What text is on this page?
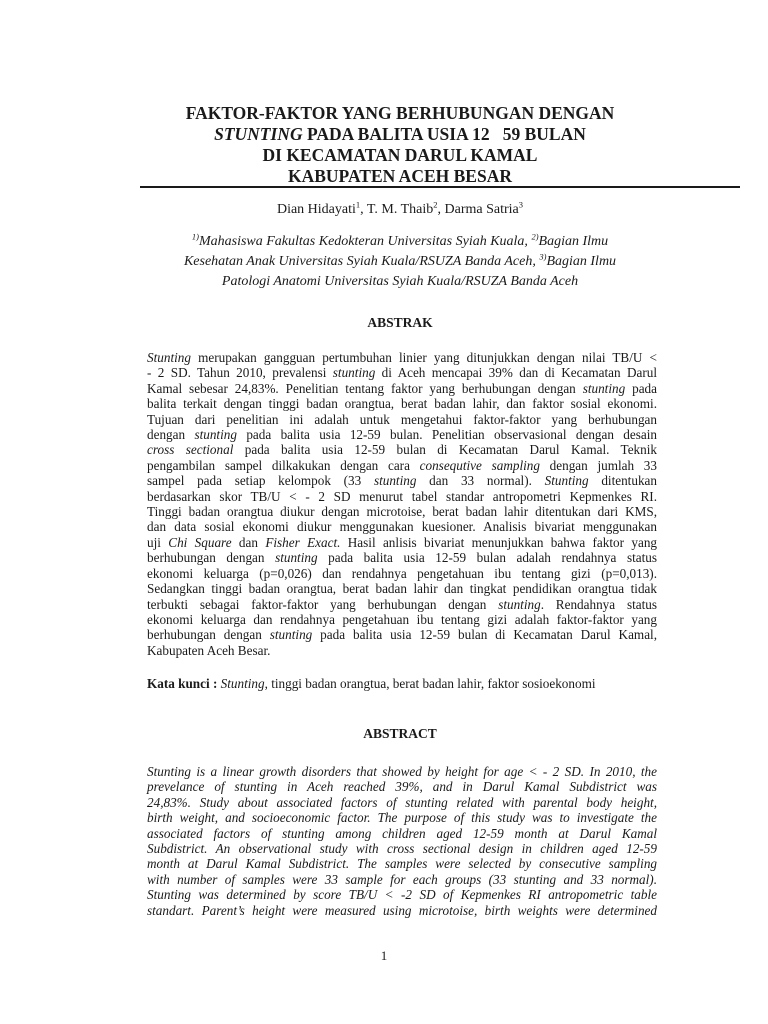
FAKTOR-FAKTOR YANG BERHUBUNGAN DENGAN
STUNTING PADA BALITA USIA 12   59 BULAN
DI KECAMATAN DARUL KAMAL
KABUPATEN ACEH BESAR
Dian Hidayati$^1$, T. M. Thaib$^2$, Darma Satria$^3$
$^{1)}$Mahasiswa Fakultas Kedokteran Universitas Syiah Kuala, $^{2)}$Bagian Ilmu
Kesehatan Anak Universitas Syiah Kuala/RSUZA Banda Aceh, $^{3)}$Bagian Ilmu
Patologi Anatomi Universitas Syiah Kuala/RSUZA Banda Aceh
ABSTRAK
Stunting merupakan gangguan pertumbuhan linier yang ditunjukkan dengan nilai TB/U <
- 2 SD. Tahun 2010, prevalensi stunting di Aceh mencapai 39% dan di Kecamatan Darul
Kamal sebesar 24,83%. Penelitian tentang faktor yang berhubungan dengan stunting pada
balita terkait dengan tinggi badan orangtua, berat badan lahir, dan faktor sosial ekonomi.
Tujuan dari penelitian ini adalah untuk mengetahui faktor-faktor yang berhubungan
dengan stunting pada balita usia 12-59 bulan. Penelitian observasional dengan desain
cross sectional pada balita usia 12-59 bulan di Kecamatan Darul Kamal. Teknik
pengambilan sampel dilkakukan dengan cara consequtive sampling dengan jumlah 33
sampel pada setiap kelompok (33 stunting dan 33 normal). Stunting ditentukan
berdasarkan skor TB/U < - 2 SD menurut tabel standar antropometri Kepmenkes RI.
Tinggi badan orangtua diukur dengan microtoise, berat badan lahir ditentukan dari KMS,
dan data sosial ekonomi diukur menggunakan kuesioner. Analisis bivariat menggunakan
uji Chi Square dan Fisher Exact. Hasil anlisis bivariat menunjukkan bahwa faktor yang
berhubungan dengan stunting pada balita usia 12-59 bulan adalah rendahnya status
ekonomi keluarga (p=0,026) dan rendahnya pengetahuan ibu tentang gizi (p=0,013).
Sedangkan tinggi badan orangtua, berat badan lahir dan tingkat pendidikan orangtua tidak
terbukti sebagai faktor-faktor yang berhubungan dengan stunting. Rendahnya status
ekonomi keluarga dan rendahnya pengetahuan ibu tentang gizi adalah faktor-faktor yang
berhubungan dengan stunting pada balita usia 12-59 bulan di Kecamatan Darul Kamal,
Kabupaten Aceh Besar.
Kata kunci : Stunting, tinggi badan orangtua, berat badan lahir, faktor sosioekonomi
ABSTRACT
Stunting is a linear growth disorders that showed by height for age < - 2 SD. In 2010, the
prevelance of stunting in Aceh reached 39%, and in Darul Kamal Subdistrict was
24,83%. Study about associated factors of stunting related with parental body height,
birth weight, and socioeconomic factor. The purpose of this study was to investigate the
associated factors of stunting among children aged 12-59 month at Darul Kamal
Subdistrict. An observational study with cross sectional design in children aged 12-59
month at Darul Kamal Subdistrict. The samples were selected by consecutive sampling
with number of samples were 33 sample for each groups (33 stunting and 33 normal).
Stunting was determined by score TB/U < -2 SD of Kepmenkes RI antropometric table
standart. Parent’s height were measured using microtoise, birth weights were determined
1
